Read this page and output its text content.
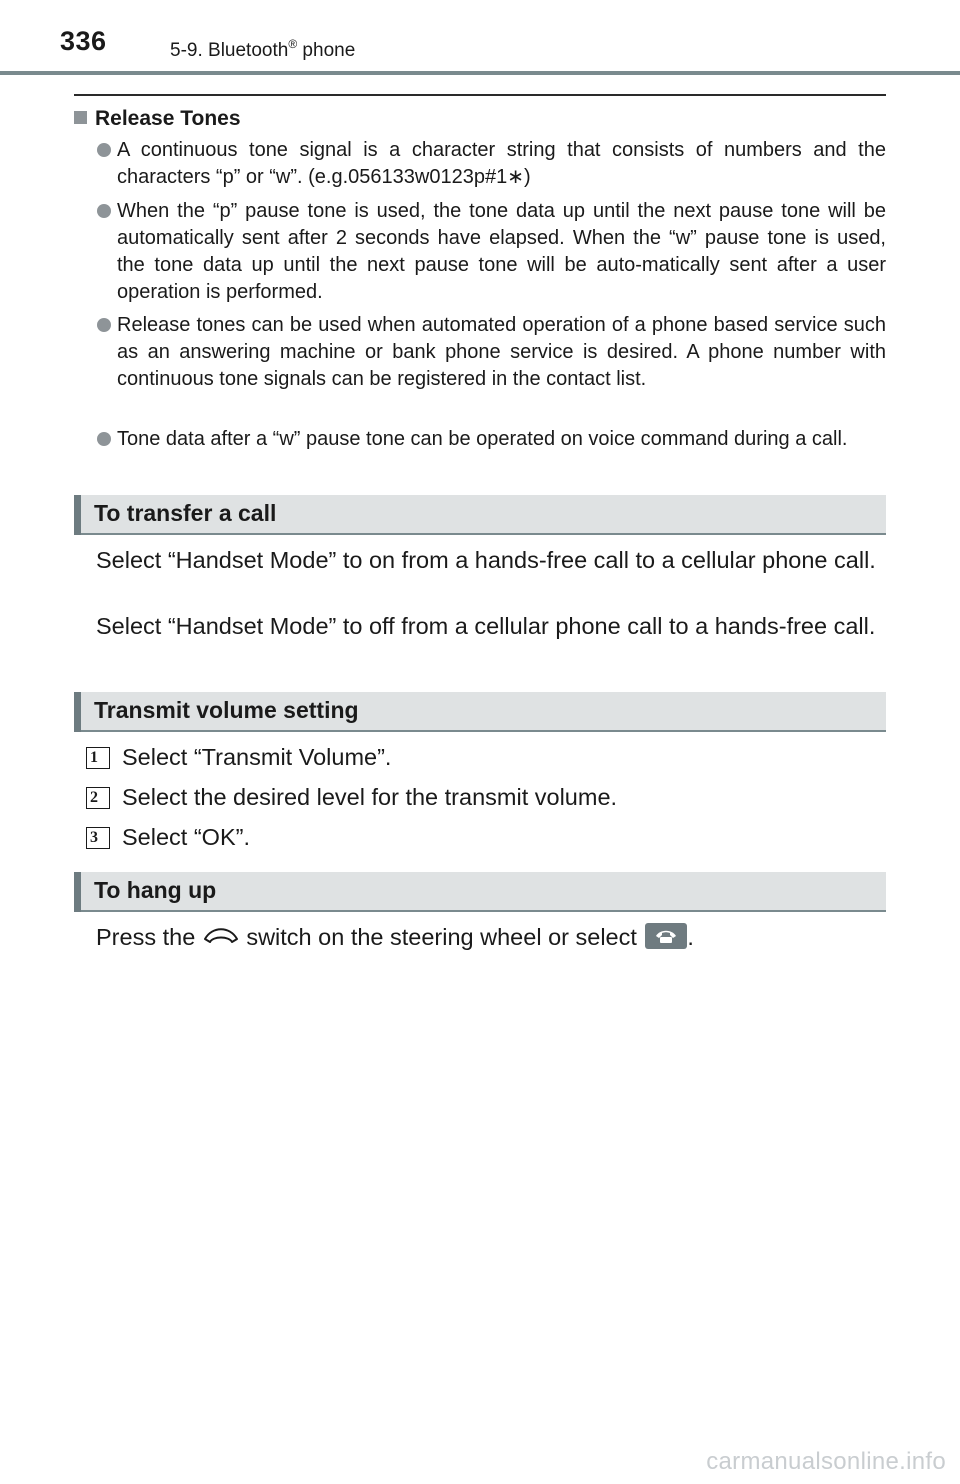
336	5-9. Bluetooth® phone
Release Tones
A continuous tone signal is a character string that consists of numbers and the characters “p” or “w”. (e.g.056133w0123p#1∗)
When the “p” pause tone is used, the tone data up until the next pause tone will be automatically sent after 2 seconds have elapsed. When the “w” pause tone is used, the tone data up until the next pause tone will be auto-matically sent after a user operation is performed.
Release tones can be used when automated operation of a phone based service such as an answering machine or bank phone service is desired. A phone number with continuous tone signals can be registered in the contact list.
Tone data after a “w” pause tone can be operated on voice command during a call.
To transfer a call
Select “Handset Mode” to on from a hands-free call to a cellular phone call.
Select “Handset Mode” to off from a cellular phone call to a hands-free call.
Transmit volume setting
1	Select “Transmit Volume”.
2	Select the desired level for the transmit volume.
3	Select “OK”.
To hang up
Press the  switch on the steering wheel or select
.
carmanualsonline.info
